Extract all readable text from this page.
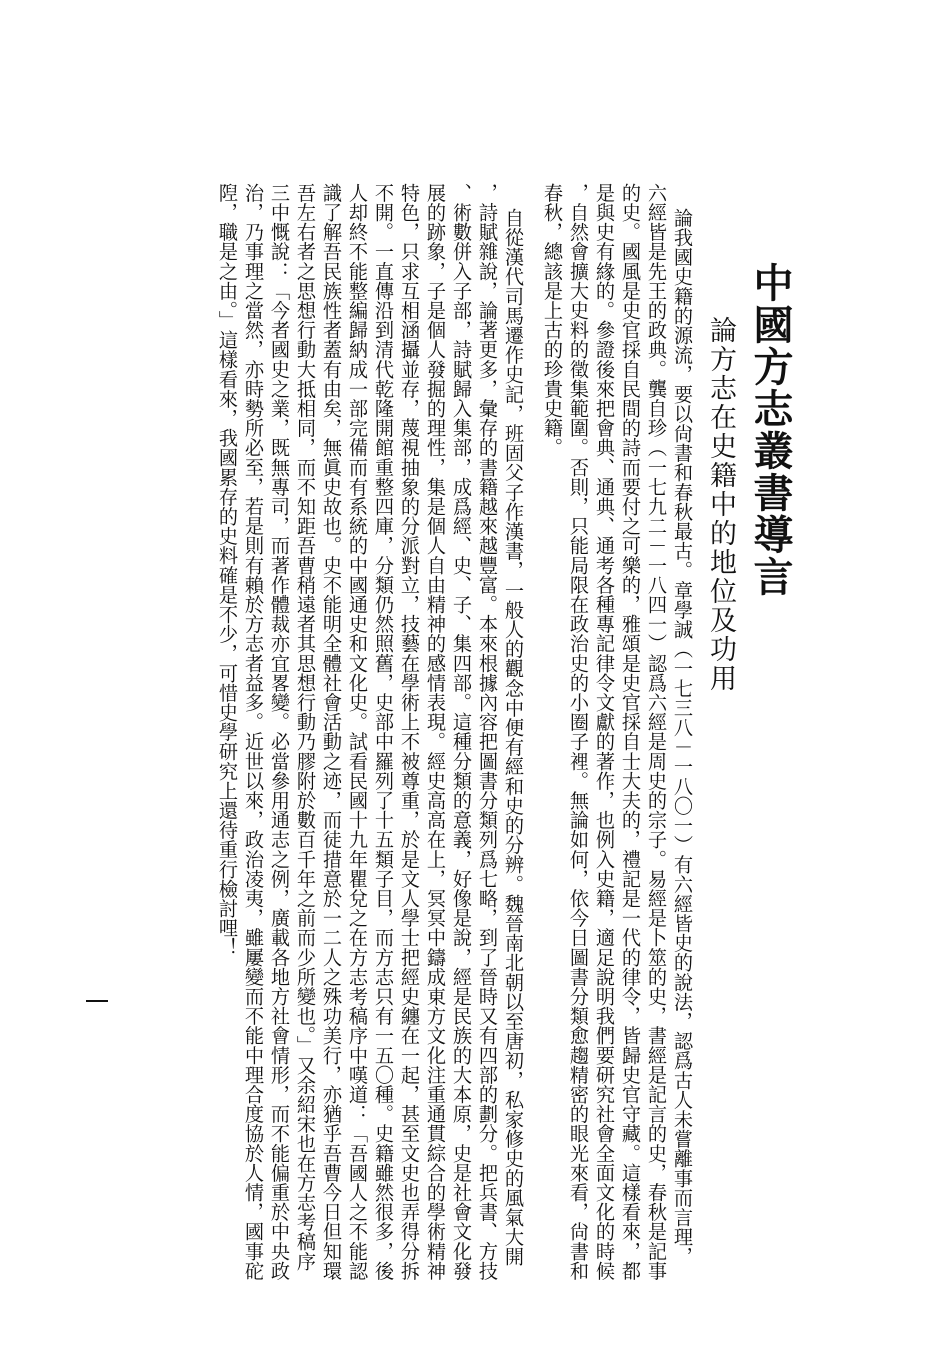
中國方志叢書導言
論方志在史籍中的地位及功用
論我國史籍的源流，要以尙書和春秋最古。章學誠（一七三八－一八〇一）有六經皆史的說法，認爲古人未嘗離事而言理，
六經皆是先王的政典。龔自珍（一七九二－一八四一）認爲六經是周史的宗子。易經是卜筮的史，書經是記言的史，春秋是記事
的史。國風是史官採自民間的詩而要付之可樂的，雅頌是史官採自士大夫的，禮記是一代的律令，皆歸史官守藏。這樣看來，都
是與史有緣的。參證後來把會典、通典、通考各種專記律令文獻的著作，也例入史籍，適足說明我們要研究社會全面文化的時候
，自然會擴大史料的徵集範圍。否則，只能局限在政治史的小圈子裡。無論如何，依今日圖書分類愈趨精密的眼光來看，尙書和
春秋，總該是上古的珍貴史籍。
自從漢代司馬遷作史記，班固父子作漢書，一般人的觀念中便有經和史的分辨。魏晉南北朝以至唐初，私家修史的風氣大開
，詩賦雜說，論著更多，彙存的書籍越來越豐富。本來根據內容把圖書分類列爲七略，到了晉時又有四部的劃分。把兵書、方技
、術數併入子部，詩賦歸入集部，成爲經、史、子、集四部。這種分類的意義，好像是說，經是民族的大本原，史是社會文化發
展的跡象，子是個人發掘的理性，集是個人自由精神的感情表現。經史高高在上，冥冥中鑄成東方文化注重通貫綜合的學術精神
特色，只求互相涵攝並存，蔑視抽象的分派對立，技藝在學術上不被尊重，於是文人學士把經史纏在一起，甚至文史也弄得分拆
不開。一直傳沿到清代乾隆開館重整四庫，分類仍然照舊，史部中羅列了十五類子目，而方志只有一五〇種。史籍雖然很多，後
人却終不能整編歸納成一部完備而有系統的中國通史和文化史。試看民國十九年瞿兌之在方志考稿序中嘆道：「吾國人之不能認
識了解吾民族性者蓋有由矣，無眞史故也。史不能明全體社會活動之迹，而徒措意於一二人之殊功美行，亦猶乎吾曹今日但知環
吾左右者之思想行動大抵相同，而不知距吾曹稍遠者其思想行動乃膠附於數百千年之前而少所變也。」又余紹宋也在方志考稿序
三中慨說：「今者國史之業，既無專司，而著作體裁亦宜畧變。必當參用通志之例，廣載各地方社會情形，而不能偏重於中央政
治，乃事理之當然，亦時勢所必至，若是則有賴於方志者益多。近世以來，政治凌夷，雖屢變而不能中理合度協於人情，國事砣
隉，職是之由。」這樣看來，我國累存的史料確是不少，可惜史學研究上還待重行檢討哩！
